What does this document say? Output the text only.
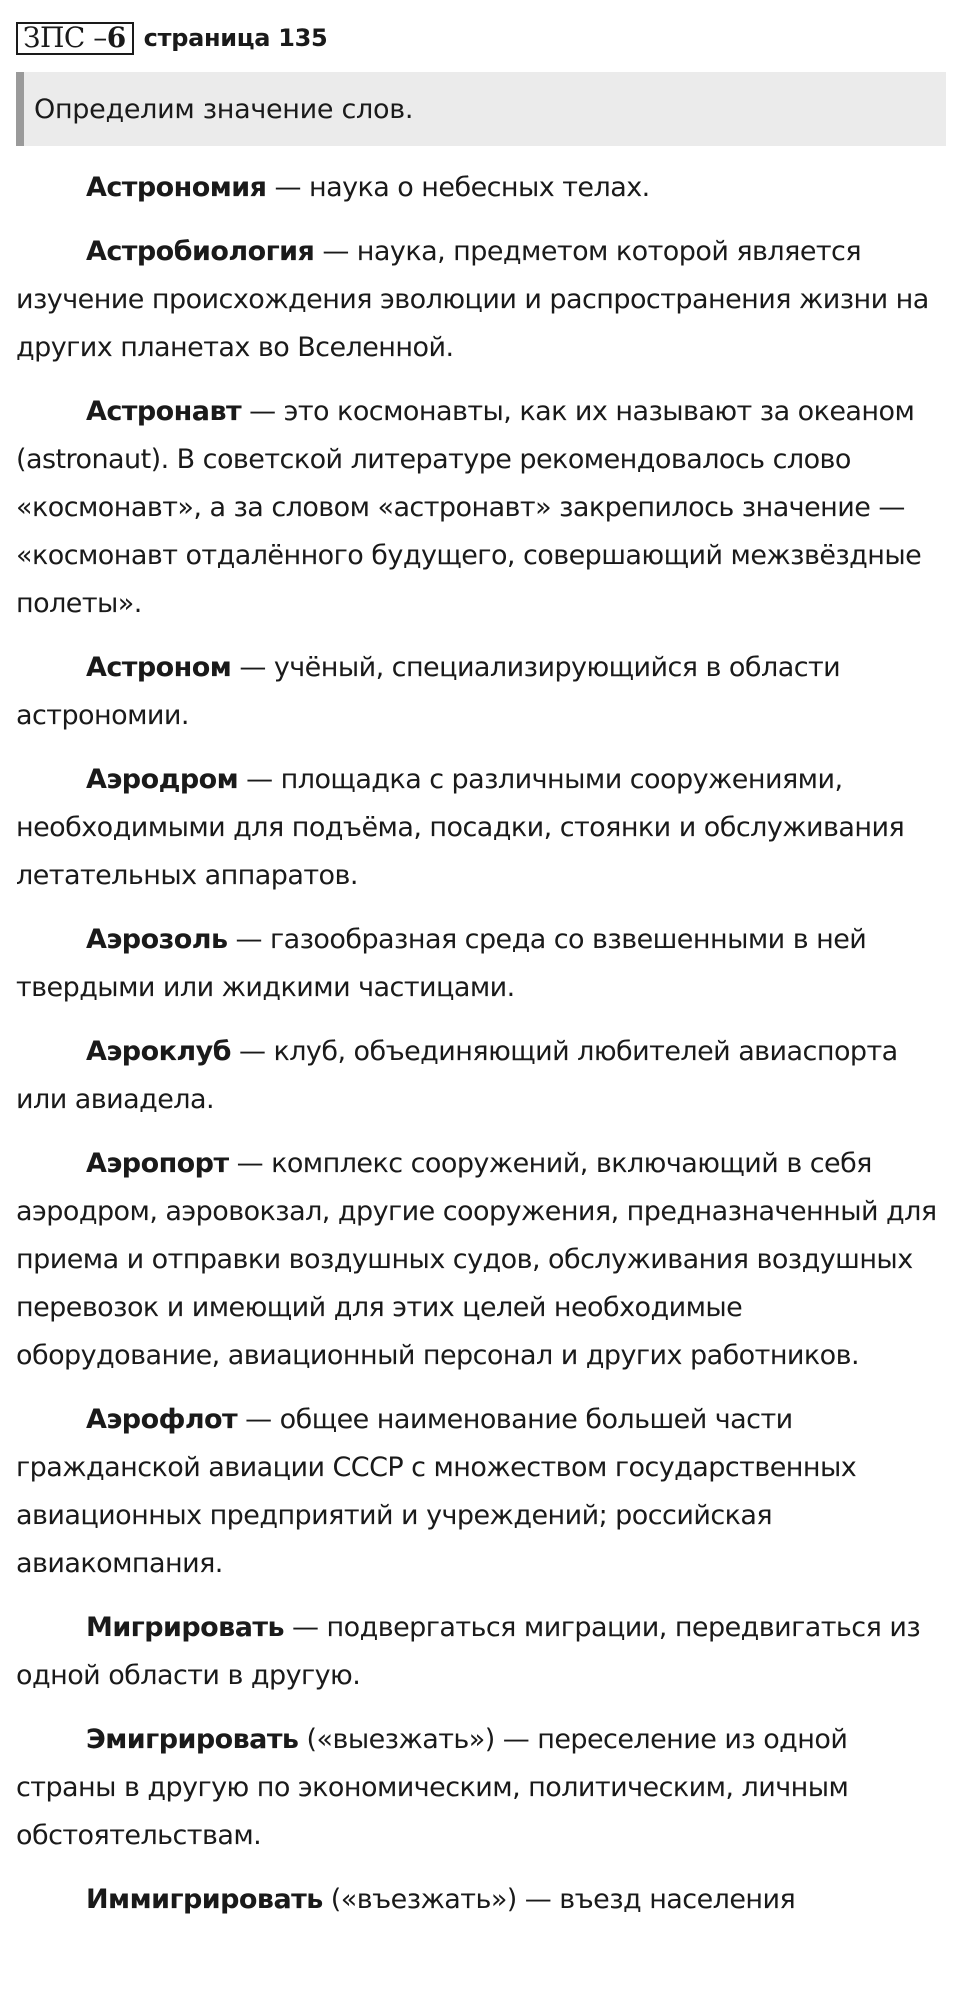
ЗПС – 6 страница 135
Определим значение слов.

Астрономия — наука о небесных телах.

Астробиология — наука, предметом которой является изучение происхождения эволюции и распространения жизни на других планетах во Вселенной.

Астронавт — это космонавты, как их называют за океаном (astronaut). В советской литературе рекомендовалось слово «космонавт», а за словом «астронавт» закрепилось значение — «космонавт отдалённого будущего, совершающий межзвёздные полеты».

Астроном — учёный, специализирующийся в области астрономии.

Аэродром — площадка с различными сооружениями, необходимыми для подъёма, посадки, стоянки и обслуживания летательных аппаратов.

Аэрозоль — газообразная среда со взвешенными в ней твердыми или жидкими частицами.

Аэроклуб — клуб, объединяющий любителей авиаспорта или авиадела.

Аэропорт — комплекс сооружений, включающий в себя аэродром, аэровокзал, другие сооружения, предназначенный для приема и отправки воздушных судов, обслуживания воздушных перевозок и имеющий для этих целей необходимые оборудование, авиационный персонал и других работников.

Аэрофлот — общее наименование большей части гражданской авиации СССР с множеством государственных авиационных предприятий и учреждений; российская авиакомпания.

Мигрировать — подвергаться миграции, передвигаться из одной области в другую.

Эмигрировать («выезжать») — переселение из одной страны в другую по экономическим, политическим, личным обстоятельствам.

Иммигрировать («въезжать») — въезд населения
